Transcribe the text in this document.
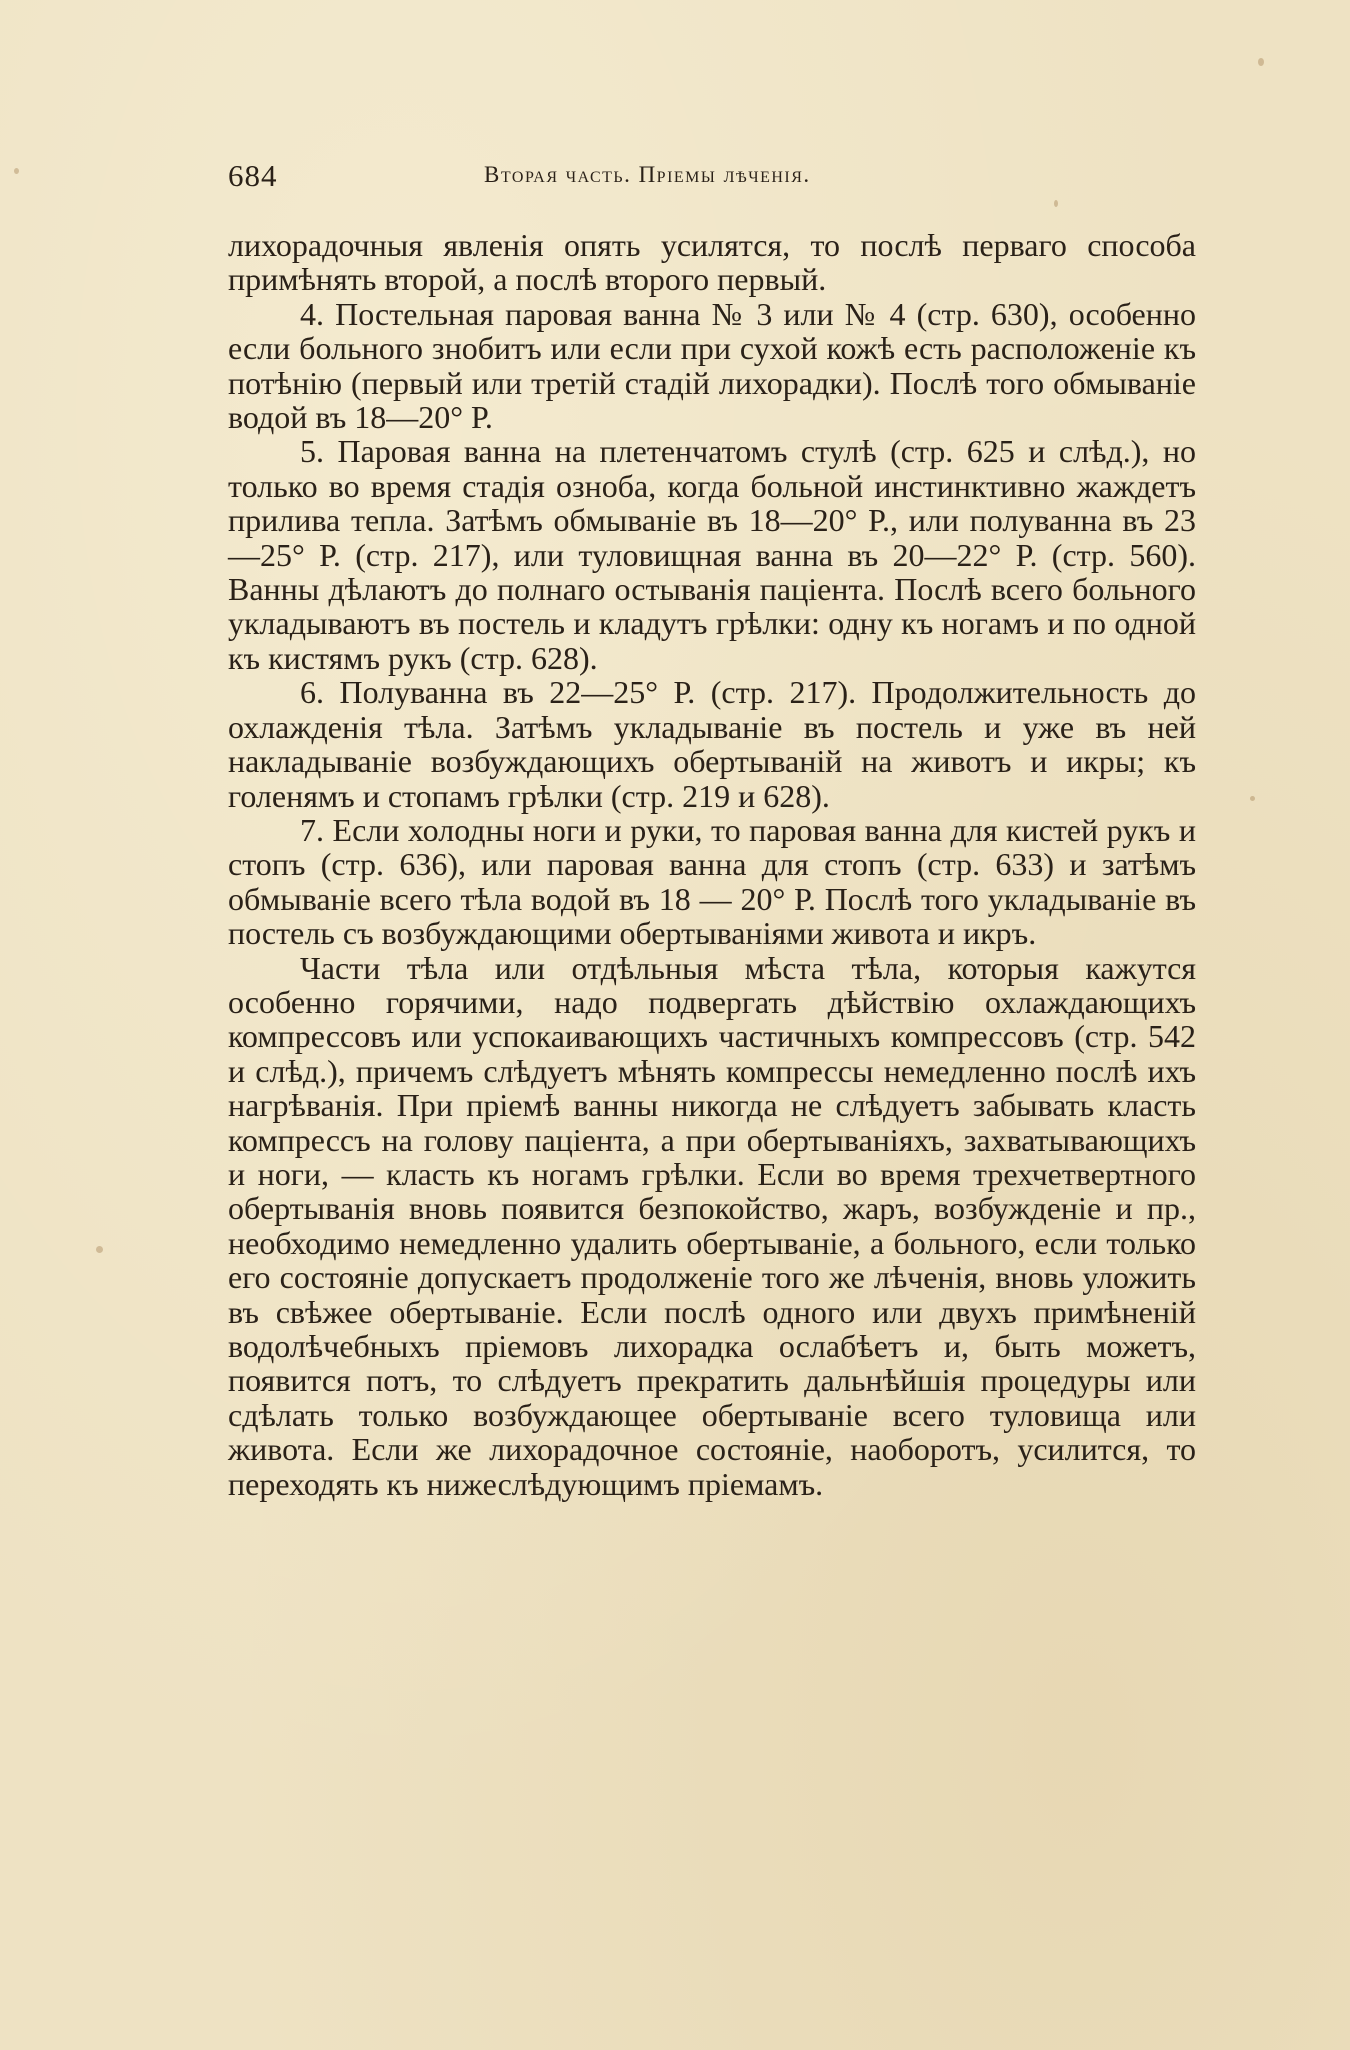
684	Вторая часть. Пріемы лѣченія.

лихорадочныя явленія опять усилятся, то послѣ перваго способа примѣнять второй, а послѣ второго первый.

4. Постельная паровая ванна № 3 или № 4 (стр. 630), особенно если больного знобитъ или если при сухой кожѣ есть расположеніе къ потѣнію (первый или третій стадій лихорадки). Послѣ того обмываніе водой въ 18—20° Р.

5. Паровая ванна на плетенчатомъ стулѣ (стр. 625 и слѣд.), но только во время стадія озноба, когда больной инстинктивно жаждетъ прилива тепла. Затѣмъ обмываніе въ 18—20° Р., или полуванна въ 23—25° Р. (стр. 217), или туловищная ванна въ 20—22° Р. (стр. 560). Ванны дѣлаютъ до полнаго остыванія паціента. Послѣ всего больного укладываютъ въ постель и кладутъ грѣлки: одну къ ногамъ и по одной къ кистямъ рукъ (стр. 628).

6. Полуванна въ 22—25° Р. (стр. 217). Продолжительность до охлажденія тѣла. Затѣмъ укладываніе въ постель и уже въ ней накладываніе возбуждающихъ обертываній на животъ и икры; къ голенямъ и стопамъ грѣлки (стр. 219 и 628).

7. Если холодны ноги и руки, то паровая ванна для кистей рукъ и стопъ (стр. 636), или паровая ванна для стопъ (стр. 633) и затѣмъ обмываніе всего тѣла водой въ 18 — 20° Р. Послѣ того укладываніе въ постель съ возбуждающими обертываніями живота и икръ.

Части тѣла или отдѣльныя мѣста тѣла, которыя кажутся особенно горячими, надо подвергать дѣйствію охлаждающихъ компрессовъ или успокаивающихъ частичныхъ компрессовъ (стр. 542 и слѣд.), причемъ слѣдуетъ мѣнять компрессы немедленно послѣ ихъ нагрѣванія. При пріемѣ ванны никогда не слѣдуетъ забывать класть компрессъ на голову паціента, а при обертываніяхъ, захватывающихъ и ноги, — класть къ ногамъ грѣлки. Если во время трехчетвертного обертыванія вновь появится безпокойство, жаръ, возбужденіе и пр., необходимо немедленно удалить обертываніе, а больного, если только его состояніе допускаетъ продолженіе того же лѣченія, вновь уложить въ свѣжее обертываніе. Если послѣ одного или двухъ примѣненій водолѣчебныхъ пріемовъ лихорадка ослабѣетъ и, быть можетъ, появится потъ, то слѣдуетъ прекратить дальнѣйшія процедуры или сдѣлать только возбуждающее обертываніе всего туловища или живота. Если же лихорадочное состояніе, наоборотъ, усилится, то переходять къ нижеслѣдующимъ пріемамъ.
